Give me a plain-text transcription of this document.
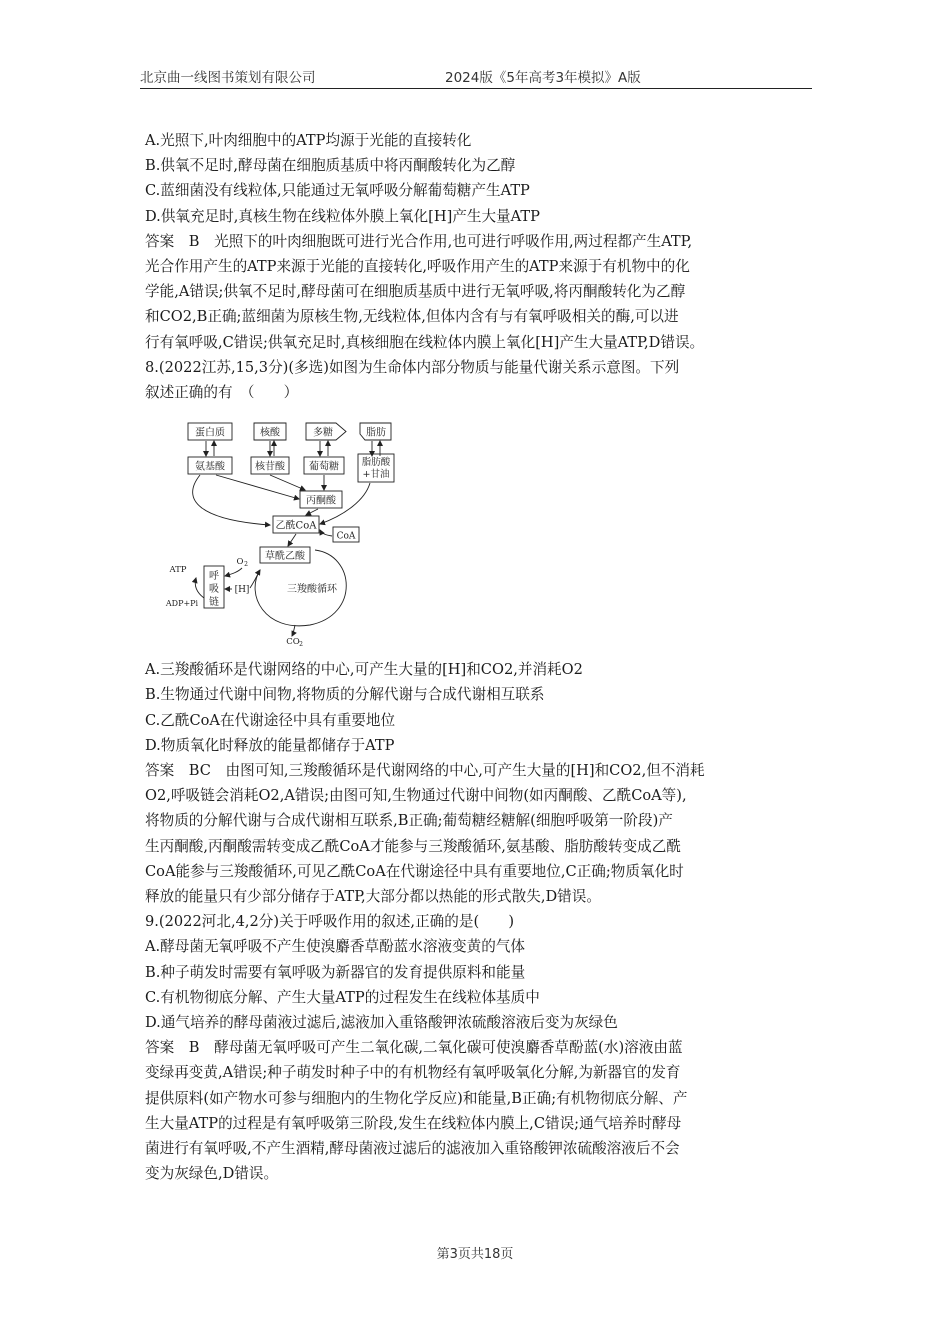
北京曲一线图书策划有限公司	2024版《5年高考3年模拟》A版

A.光照下,叶肉细胞中的ATP均源于光能的直接转化

B.供氧不足时,酵母菌在细胞质基质中将丙酮酸转化为乙醇

C.蓝细菌没有线粒体,只能通过无氧呼吸分解葡萄糖产生ATP

D.供氧充足时,真核生物在线粒体外膜上氧化[H]产生大量ATP

答案　B　光照下的叶肉细胞既可进行光合作用,也可进行呼吸作用,两过程都产生ATP,

光合作用产生的ATP来源于光能的直接转化,呼吸作用产生的ATP来源于有机物中的化

学能,A错误;供氧不足时,酵母菌可在细胞质基质中进行无氧呼吸,将丙酮酸转化为乙醇

和CO2,B正确;蓝细菌为原核生物,无线粒体,但体内含有与有氧呼吸相关的酶,可以进

行有氧呼吸,C错误;供氧充足时,真核细胞在线粒体内膜上氧化[H]产生大量ATP,D错误。

8.(2022江苏,15,3分)(多选)如图为生命体内部分物质与能量代谢关系示意图。下列

叙述正确的有　（　　）

A.三羧酸循环是代谢网络的中心,可产生大量的[H]和CO2,并消耗O2

B.生物通过代谢中间物,将物质的分解代谢与合成代谢相互联系

C.乙酰CoA在代谢途径中具有重要地位

D.物质氧化时释放的能量都储存于ATP

答案　BC　由图可知,三羧酸循环是代谢网络的中心,可产生大量的[H]和CO2,但不消耗

O2,呼吸链会消耗O2,A错误;由图可知,生物通过代谢中间物(如丙酮酸、乙酰CoA等),

将物质的分解代谢与合成代谢相互联系,B正确;葡萄糖经糖解(细胞呼吸第一阶段)产

生丙酮酸,丙酮酸需转变成乙酰CoA才能参与三羧酸循环,氨基酸、脂肪酸转变成乙酰

CoA能参与三羧酸循环,可见乙酰CoA在代谢途径中具有重要地位,C正确;物质氧化时

释放的能量只有少部分储存于ATP,大部分都以热能的形式散失,D错误。

9.(2022河北,4,2分)关于呼吸作用的叙述,正确的是(　　)

A.酵母菌无氧呼吸不产生使溴麝香草酚蓝水溶液变黄的气体

B.种子萌发时需要有氧呼吸为新器官的发育提供原料和能量

C.有机物彻底分解、产生大量ATP的过程发生在线粒体基质中

D.通气培养的酵母菌液过滤后,滤液加入重铬酸钾浓硫酸溶液后变为灰绿色

答案　B　酵母菌无氧呼吸可产生二氧化碳,二氧化碳可使溴麝香草酚蓝(水)溶液由蓝

变绿再变黄,A错误;种子萌发时种子中的有机物经有氧呼吸氧化分解,为新器官的发育

提供原料(如产物水可参与细胞内的生物化学反应)和能量,B正确;有机物彻底分解、产

生大量ATP的过程是有氧呼吸第三阶段,发生在线粒体内膜上,C错误;通气培养时酵母

菌进行有氧呼吸,不产生酒精,酵母菌液过滤后的滤液加入重铬酸钾浓硫酸溶液后不会

变为灰绿色,D错误。

蛋白质	核酸	多糖	脂肪
氨基酸	核苷酸 葡萄糖 脂肪酸
+甘油
丙酮酸
乙酰CoA
CoA
草酰乙酸
三羧酸循环
CO 2
呼
吸
链
O 2
[H]
ATP
ADP+Pi
第3页共18页
